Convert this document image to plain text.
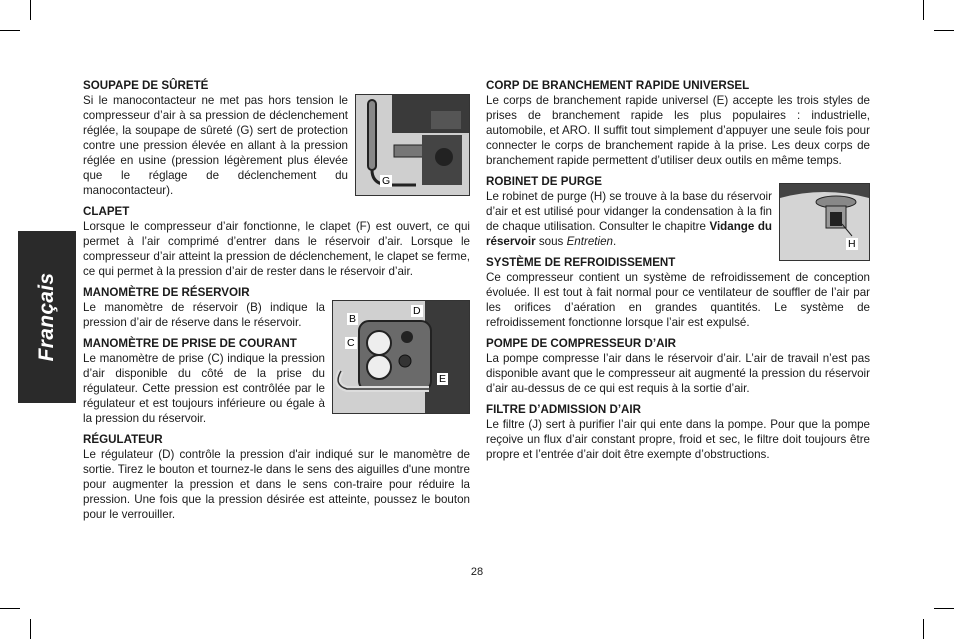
Français
SOUPAPE DE SÛRETÉ
G

Si le manocontacteur ne met pas hors tension le compresseur d’air à sa pression de déclenchement réglée, la soupape de sûreté (G) sert de protection contre une pression élevée en allant à la pression réglée en usine (pression légèrement plus élevée que le réglage de déclenchement du manocontacteur).

CLAPET

Lorsque le compresseur d’air fonctionne, le clapet (F) est ouvert, ce qui permet à l’air comprimé d’entrer dans le réservoir d’air. Lorsque le compresseur d’air atteint la pression de déclenchement, le clapet se ferme, ce qui permet à la pression d’air de rester dans le réservoir d’air.

MANOMÈTRE DE RÉSERVOIR
B
D
C
E

Le manomètre de réservoir (B) indique la pression d’air de réserve dans le réservoir.

MANOMÈTRE DE PRISE DE COURANT

Le manomètre de prise (C) indique la pression d’air disponible du côté de la prise du régulateur. Cette pression est contrôlée par le régulateur et est toujours inférieure ou égale à la pression du réservoir.

RÉGULATEUR

Le régulateur (D) contrôle la pression d'air indiqué sur le manomètre de sortie. Tirez le bouton et tournez-le dans le sens des aiguilles d'une montre pour augmenter la pression et dans le sens con-traire pour réduire la pression. Une fois que la pression désirée est atteinte, poussez le bouton pour le verrouiller.

CORP DE BRANCHEMENT RAPIDE UNIVERSEL

Le corps de branchement rapide universel (E) accepte les trois styles de prises de branchement rapide les plus populaires : industrielle, automobile, et ARO. Il suffit tout simplement d’appuyer une seule fois pour connecter le corps de branchement rapide à la prise. Les deux corps de branchement rapide permettent d’utiliser deux outils en même temps.

ROBINET DE PURGE
H

Le robinet de purge (H) se trouve à la base du réservoir d’air et est utilisé pour vidanger la condensation à la fin de chaque utilisation. Consulter le chapitre Vidange du réservoir sous Entretien.

SYSTÈME DE REFROIDISSEMENT

Ce compresseur contient un système de refroidissement de conception évoluée. Il est tout à fait normal pour ce ventilateur de souffler de l’air par les orifices d’aération en grandes quantités. Le système de refroidissement fonctionne lorsque l’air est expulsé.

POMPE DE COMPRESSEUR D’AIR

La pompe compresse l’air dans le réservoir d’air. L’air de travail n’est pas disponible avant que le compresseur ait augmenté la pression du réservoir d’air au-dessus de ce qui est requis à la sortie d’air.

FILTRE D’ADMISSION D’AIR

Le filtre (J) sert à purifier l’air qui ente dans la pompe. Pour que la pompe reçoive un flux d’air constant propre, froid et sec, le filtre doit toujours être propre et l’entrée d’air doit être exempte d’obstructions.

28
